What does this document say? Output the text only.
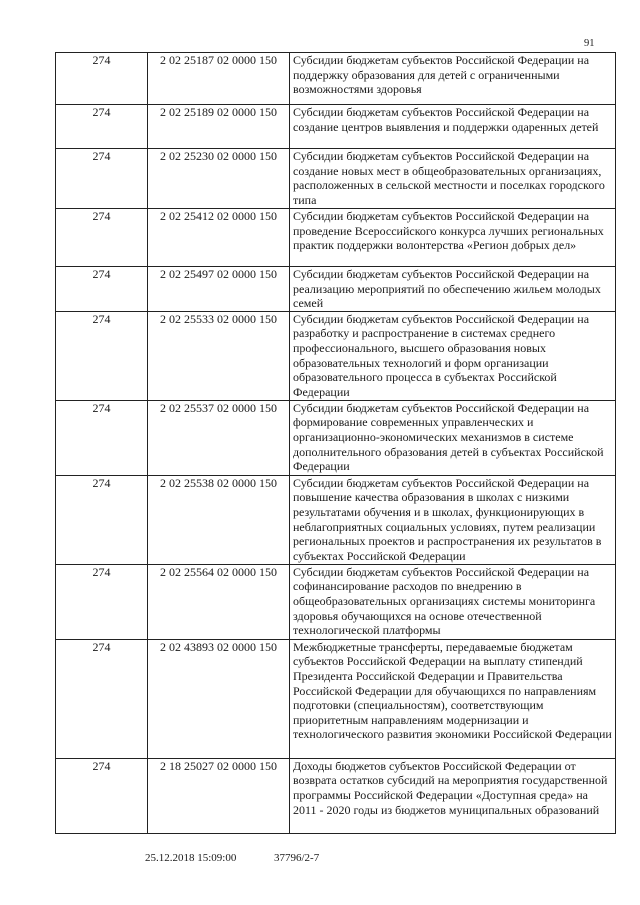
91
274	2 02 25187 02 0000 150	Субсидии бюджетам субъектов Российской Федерации на поддержку образования для детей с ограниченными возможностями здоровья
274	2 02 25189 02 0000 150	Субсидии бюджетам субъектов Российской Федерации на создание центров выявления и поддержки одаренных детей
274	2 02 25230 02 0000 150	Субсидии бюджетам субъектов Российской Федерации на создание новых мест в общеобразовательных организациях, расположенных в сельской местности и поселках городского типа
274	2 02 25412 02 0000 150	Субсидии бюджетам субъектов Российской Федерации на проведение Всероссийского конкурса лучших региональных практик поддержки волонтерства «Регион добрых дел»
274	2 02 25497 02 0000 150	Субсидии бюджетам субъектов Российской Федерации на реализацию мероприятий по обеспечению жильем молодых семей
274	2 02 25533 02 0000 150	Субсидии бюджетам субъектов Российской Федерации на разработку и распространение в системах среднего профессионального, высшего образования новых образовательных технологий и форм организации образовательного процесса в субъектах Российской Федерации
274	2 02 25537 02 0000 150	Субсидии бюджетам субъектов Российской Федерации на формирование современных управленческих и организационно-экономических механизмов в системе дополнительного образования детей в субъектах Российской Федерации
274	2 02 25538 02 0000 150	Субсидии бюджетам субъектов Российской Федерации на повышение качества образования в школах с низкими результатами обучения и в школах, функционирующих в неблагоприятных социальных условиях, путем реализации региональных проектов и распространения их результатов в субъектах Российской Федерации
274	2 02 25564 02 0000 150	Субсидии бюджетам субъектов Российской Федерации на софинансирование расходов по внедрению в общеобразовательных организациях системы мониторинга здоровья обучающихся на основе отечественной технологической платформы
274	2 02 43893 02 0000 150	Межбюджетные трансферты, передаваемые бюджетам субъектов Российской Федерации на выплату стипендий Президента Российской Федерации и Правительства Российской Федерации для обучающихся по направлениям подготовки (специальностям), соответствующим приоритетным направлениям модернизации и технологического развития экономики Российской Федерации
274	2 18 25027 02 0000 150	Доходы бюджетов субъектов Российской Федерации от возврата остатков субсидий на мероприятия государственной программы Российской Федерации «Доступная среда» на 2011 - 2020 годы из бюджетов муниципальных образований
25.12.2018 15:09:00	37796/2-7
